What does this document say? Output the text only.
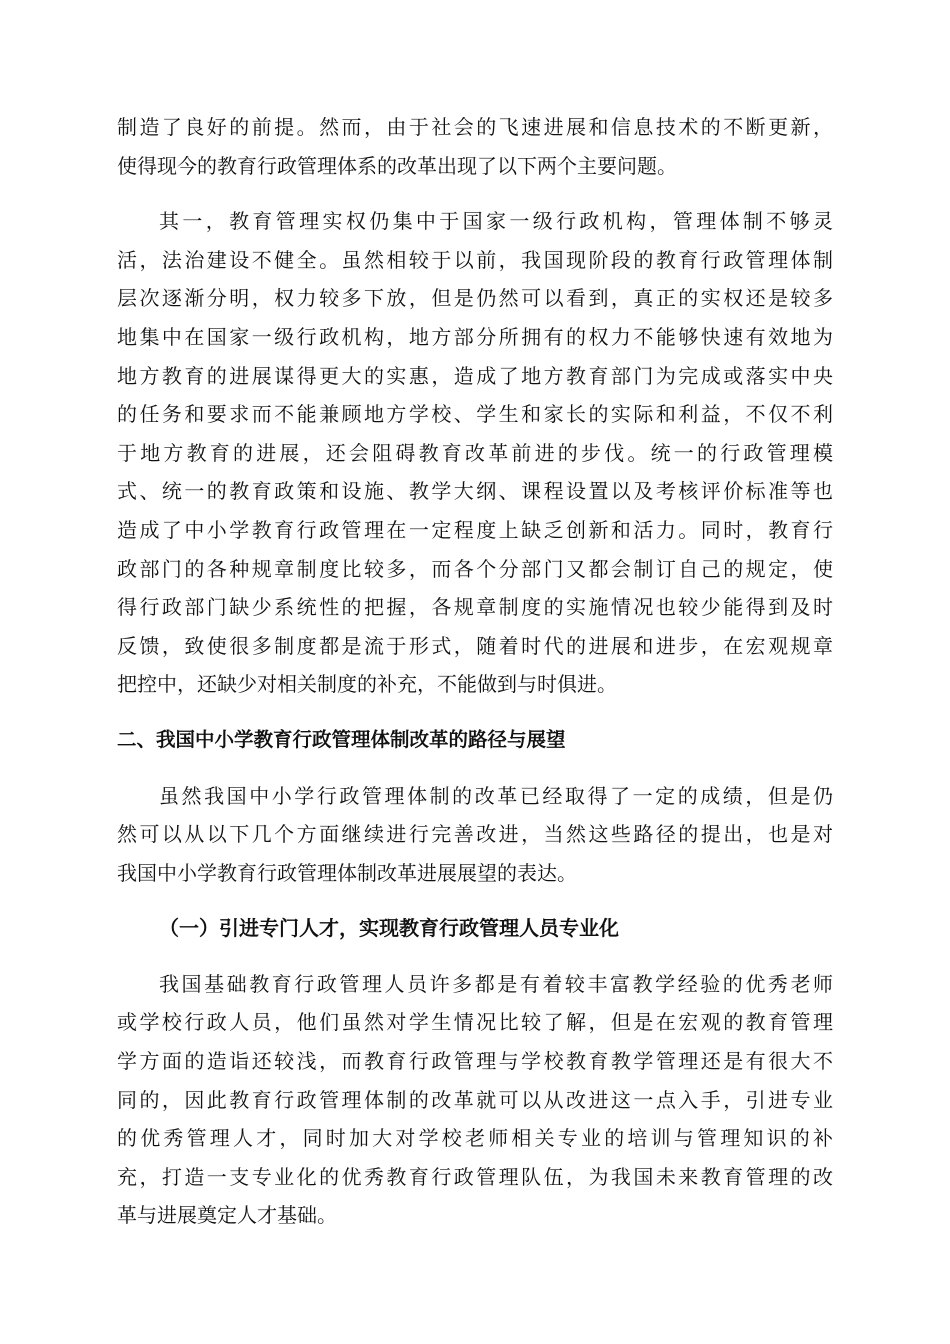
制造了良好的前提。然而，由于社会的飞速进展和信息技术的不断更新，
使得现今的教育行政管理体系的改革出现了以下两个主要问题。

其一，教育管理实权仍集中于国家一级行政机构，管理体制不够灵
活，法治建设不健全。虽然相较于以前，我国现阶段的教育行政管理体制
层次逐渐分明，权力较多下放，但是仍然可以看到，真正的实权还是较多
地集中在国家一级行政机构，地方部分所拥有的权力不能够快速有效地为
地方教育的进展谋得更大的实惠，造成了地方教育部门为完成或落实中央
的任务和要求而不能兼顾地方学校、学生和家长的实际和利益，不仅不利
于地方教育的进展，还会阻碍教育改革前进的步伐。统一的行政管理模
式、统一的教育政策和设施、教学大纲、课程设置以及考核评价标准等也
造成了中小学教育行政管理在一定程度上缺乏创新和活力。同时，教育行
政部门的各种规章制度比较多，而各个分部门又都会制订自己的规定，使
得行政部门缺少系统性的把握，各规章制度的实施情况也较少能得到及时
反馈，致使很多制度都是流于形式，随着时代的进展和进步，在宏观规章
把控中，还缺少对相关制度的补充，不能做到与时俱进。

二、我国中小学教育行政管理体制改革的路径与展望

虽然我国中小学行政管理体制的改革已经取得了一定的成绩，但是仍
然可以从以下几个方面继续进行完善改进，当然这些路径的提出，也是对
我国中小学教育行政管理体制改革进展展望的表达。

（一）引进专门人才，实现教育行政管理人员专业化

我国基础教育行政管理人员许多都是有着较丰富教学经验的优秀老师
或学校行政人员，他们虽然对学生情况比较了解，但是在宏观的教育管理
学方面的造诣还较浅，而教育行政管理与学校教育教学管理还是有很大不
同的，因此教育行政管理体制的改革就可以从改进这一点入手，引进专业
的优秀管理人才，同时加大对学校老师相关专业的培训与管理知识的补
充，打造一支专业化的优秀教育行政管理队伍，为我国未来教育管理的改
革与进展奠定人才基础。
